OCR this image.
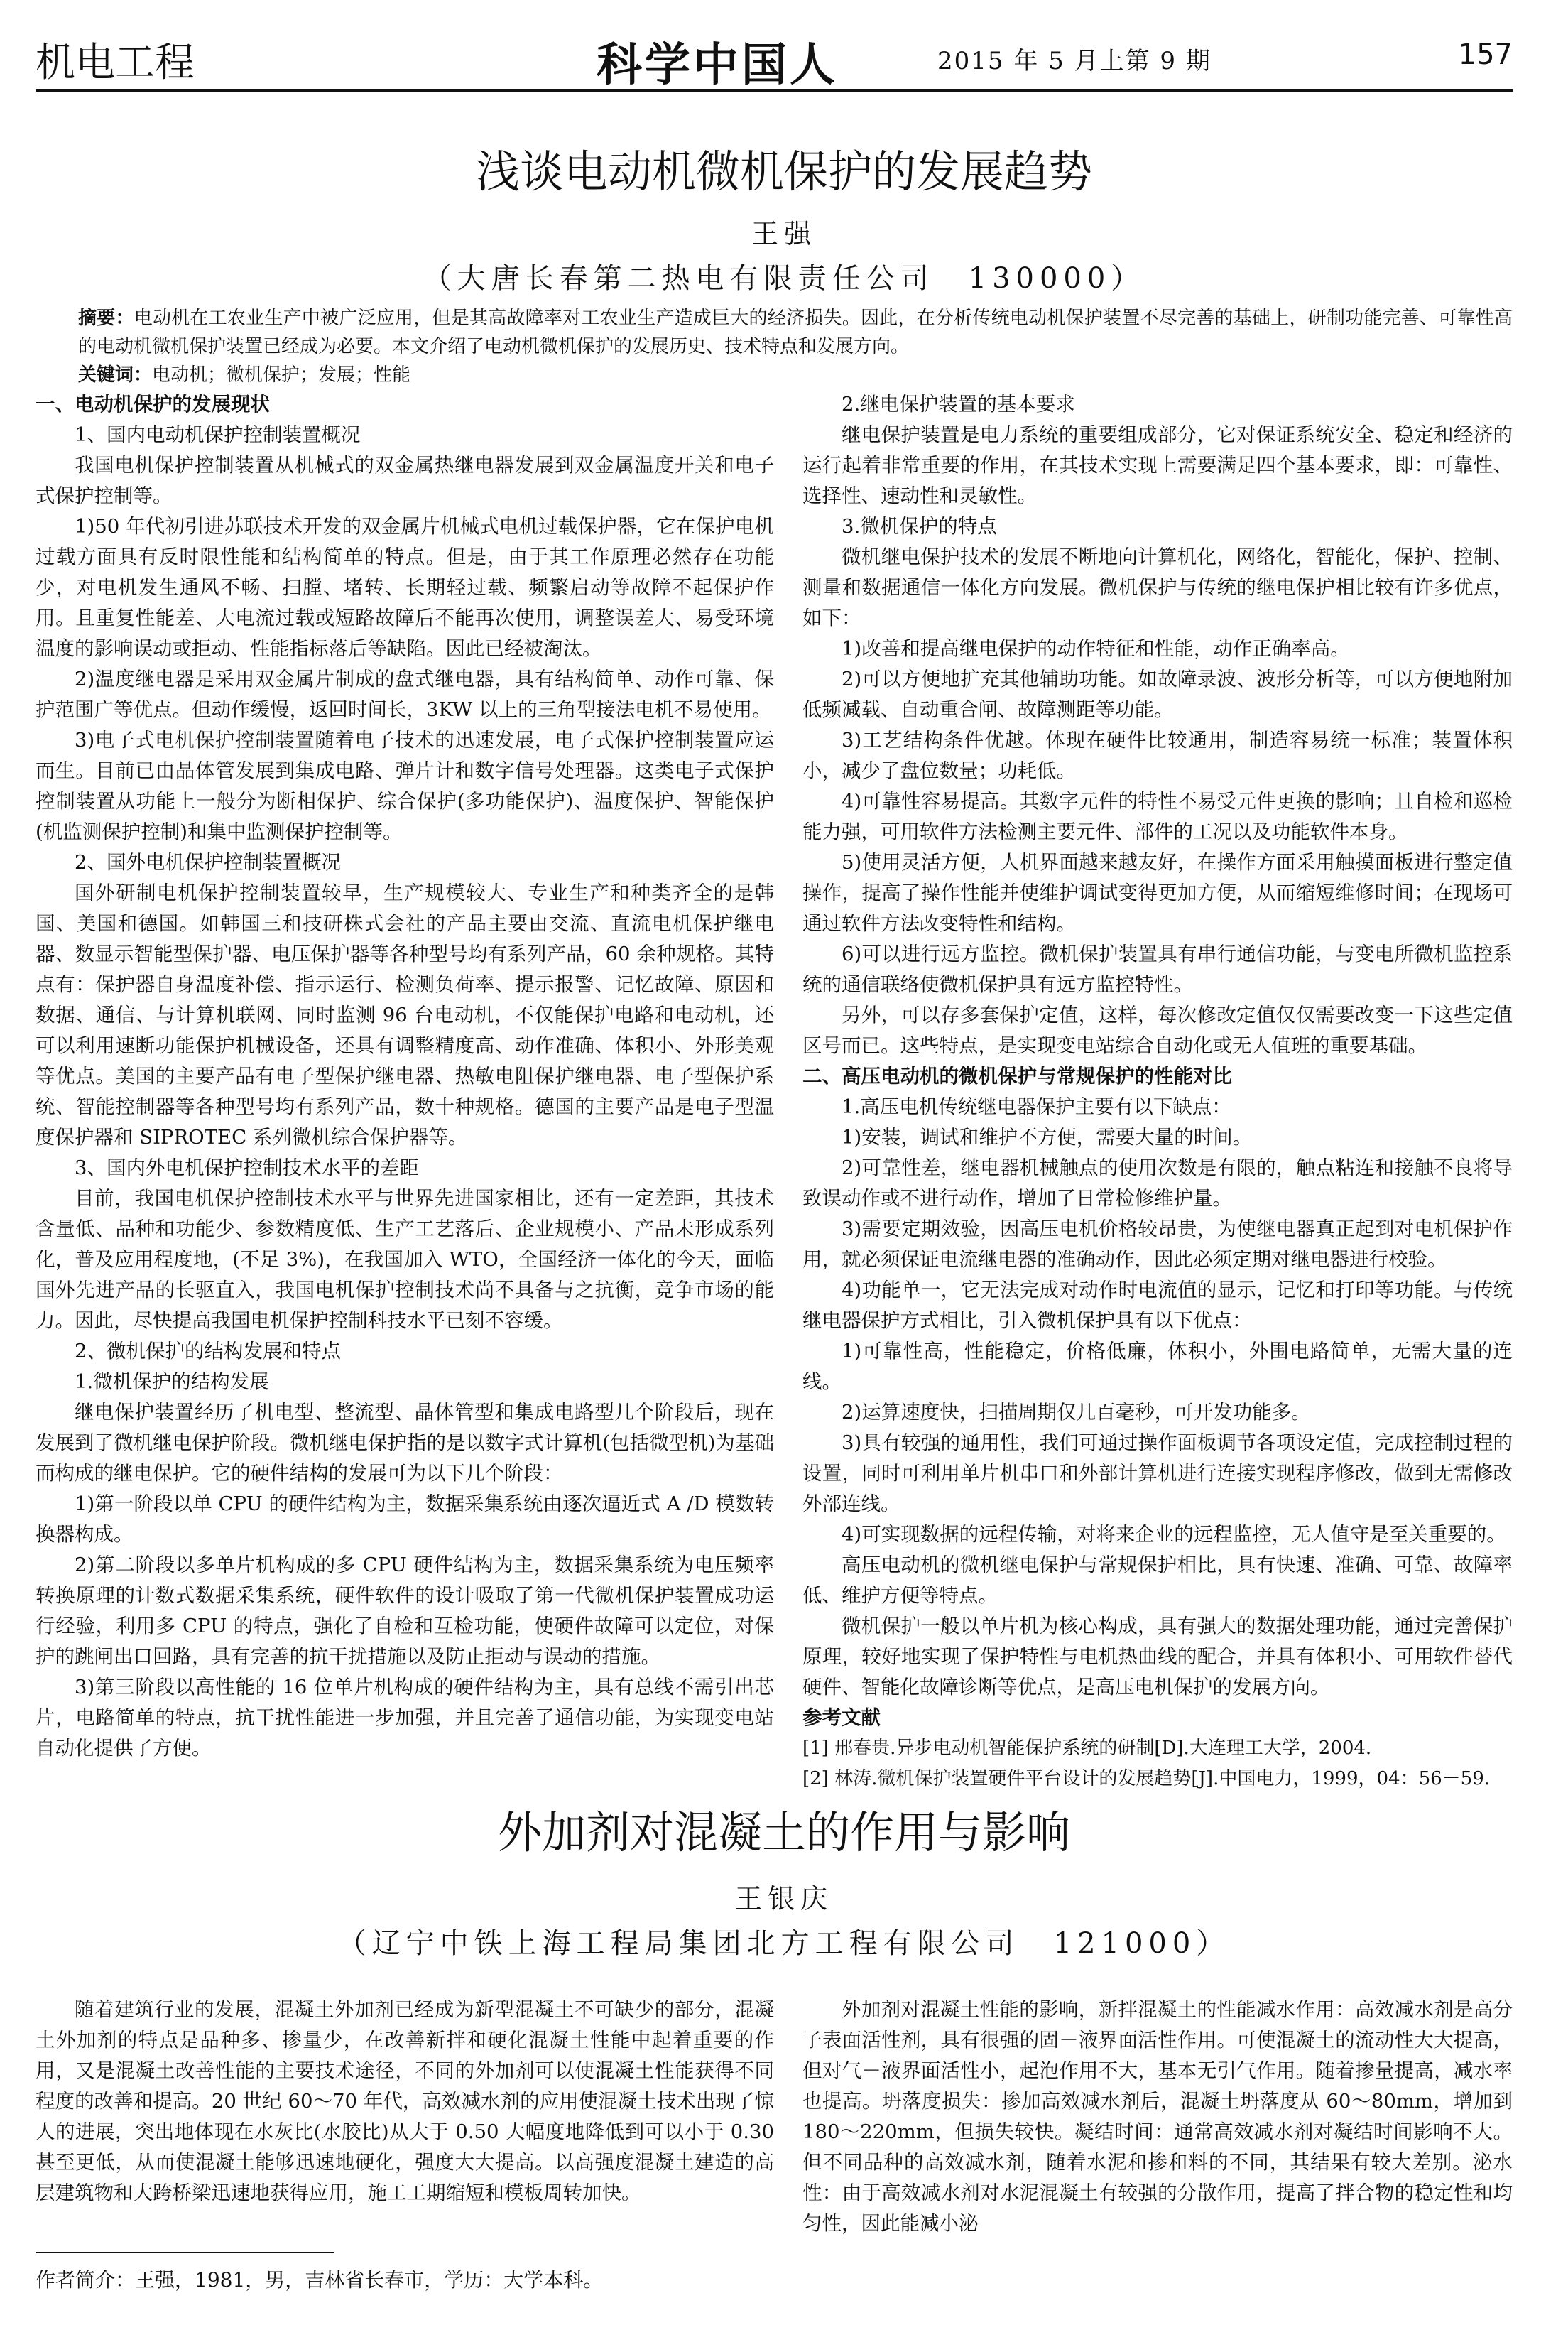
机电工程	科学中国人	2015 年 5 月上第 9 期	157
浅谈电动机微机保护的发展趋势
王强
（大唐长春第二热电有限责任公司　130000）
摘要：电动机在工农业生产中被广泛应用，但是其高故障率对工农业生产造成巨大的经济损失。因此，在分析传统电动机保护装置不尽完善的基础上，研制功能完善、可靠性高的电动机微机保护装置已经成为必要。本文介绍了电动机微机保护的发展历史、技术特点和发展方向。
关键词：电动机；微机保护；发展；性能

一、电动机保护的发展现状

1、国内电动机保护控制装置概况

我国电机保护控制装置从机械式的双金属热继电器发展到双金属温度开关和电子式保护控制等。

1)50 年代初引进苏联技术开发的双金属片机械式电机过载保护器，它在保护电机过载方面具有反时限性能和结构简单的特点。但是，由于其工作原理必然存在功能少，对电机发生通风不畅、扫膛、堵转、长期轻过载、频繁启动等故障不起保护作用。且重复性能差、大电流过载或短路故障后不能再次使用，调整误差大、易受环境温度的影响误动或拒动、性能指标落后等缺陷。因此已经被淘汰。

2)温度继电器是采用双金属片制成的盘式继电器，具有结构简单、动作可靠、保护范围广等优点。但动作缓慢，返回时间长，3KW 以上的三角型接法电机不易使用。

3)电子式电机保护控制装置随着电子技术的迅速发展，电子式保护控制装置应运而生。目前已由晶体管发展到集成电路、弹片计和数字信号处理器。这类电子式保护控制装置从功能上一般分为断相保护、综合保护(多功能保护)、温度保护、智能保护(机监测保护控制)和集中监测保护控制等。

2、国外电机保护控制装置概况

国外研制电机保护控制装置较早，生产规模较大、专业生产和种类齐全的是韩国、美国和德国。如韩国三和技研株式会社的产品主要由交流、直流电机保护继电器、数显示智能型保护器、电压保护器等各种型号均有系列产品，60 余种规格。其特点有：保护器自身温度补偿、指示运行、检测负荷率、提示报警、记忆故障、原因和数据、通信、与计算机联网、同时监测 96 台电动机，不仅能保护电路和电动机，还可以利用速断功能保护机械设备，还具有调整精度高、动作准确、体积小、外形美观等优点。美国的主要产品有电子型保护继电器、热敏电阻保护继电器、电子型保护系统、智能控制器等各种型号均有系列产品，数十种规格。德国的主要产品是电子型温度保护器和 SIPROTEC 系列微机综合保护器等。

3、国内外电机保护控制技术水平的差距

目前，我国电机保护控制技术水平与世界先进国家相比，还有一定差距，其技术含量低、品种和功能少、参数精度低、生产工艺落后、企业规模小、产品未形成系列化，普及应用程度地，(不足 3%)，在我国加入 WTO，全国经济一体化的今天，面临国外先进产品的长驱直入，我国电机保护控制技术尚不具备与之抗衡，竞争市场的能力。因此，尽快提高我国电机保护控制科技水平已刻不容缓。

2、微机保护的结构发展和特点

1.微机保护的结构发展

继电保护装置经历了机电型、整流型、晶体管型和集成电路型几个阶段后，现在发展到了微机继电保护阶段。微机继电保护指的是以数字式计算机(包括微型机)为基础而构成的继电保护。它的硬件结构的发展可为以下几个阶段：

1)第一阶段以单 CPU 的硬件结构为主，数据采集系统由逐次逼近式 A /D 模数转换器构成。

2)第二阶段以多单片机构成的多 CPU 硬件结构为主，数据采集系统为电压频率转换原理的计数式数据采集系统，硬件软件的设计吸取了第一代微机保护装置成功运行经验，利用多 CPU 的特点，强化了自检和互检功能，使硬件故障可以定位，对保护的跳闸出口回路，具有完善的抗干扰措施以及防止拒动与误动的措施。

3)第三阶段以高性能的 16 位单片机构成的硬件结构为主，具有总线不需引出芯片，电路简单的特点，抗干扰性能进一步加强，并且完善了通信功能，为实现变电站自动化提供了方便。

2.继电保护装置的基本要求

继电保护装置是电力系统的重要组成部分，它对保证系统安全、稳定和经济的运行起着非常重要的作用，在其技术实现上需要满足四个基本要求，即：可靠性、选择性、速动性和灵敏性。

3.微机保护的特点

微机继电保护技术的发展不断地向计算机化，网络化，智能化，保护、控制、测量和数据通信一体化方向发展。微机保护与传统的继电保护相比较有许多优点，如下：

1)改善和提高继电保护的动作特征和性能，动作正确率高。

2)可以方便地扩充其他辅助功能。如故障录波、波形分析等，可以方便地附加低频减载、自动重合闸、故障测距等功能。

3)工艺结构条件优越。体现在硬件比较通用，制造容易统一标准；装置体积小，减少了盘位数量；功耗低。

4)可靠性容易提高。其数字元件的特性不易受元件更换的影响；且自检和巡检能力强，可用软件方法检测主要元件、部件的工况以及功能软件本身。

5)使用灵活方便，人机界面越来越友好，在操作方面采用触摸面板进行整定值操作，提高了操作性能并使维护调试变得更加方便，从而缩短维修时间；在现场可通过软件方法改变特性和结构。

6)可以进行远方监控。微机保护装置具有串行通信功能，与变电所微机监控系统的通信联络使微机保护具有远方监控特性。

另外，可以存多套保护定值，这样，每次修改定值仅仅需要改变一下这些定值区号而已。这些特点，是实现变电站综合自动化或无人值班的重要基础。

二、高压电动机的微机保护与常规保护的性能对比

1.高压电机传统继电器保护主要有以下缺点：

1)安装，调试和维护不方便，需要大量的时间。

2)可靠性差，继电器机械触点的使用次数是有限的，触点粘连和接触不良将导致误动作或不进行动作，增加了日常检修维护量。

3)需要定期效验，因高压电机价格较昂贵，为使继电器真正起到对电机保护作用，就必须保证电流继电器的准确动作，因此必须定期对继电器进行校验。

4)功能单一，它无法完成对动作时电流值的显示，记忆和打印等功能。与传统继电器保护方式相比，引入微机保护具有以下优点：

1)可靠性高，性能稳定，价格低廉，体积小，外围电路简单，无需大量的连线。

2)运算速度快，扫描周期仅几百毫秒，可开发功能多。

3)具有较强的通用性，我们可通过操作面板调节各项设定值，完成控制过程的设置，同时可利用单片机串口和外部计算机进行连接实现程序修改，做到无需修改外部连线。

4)可实现数据的远程传输，对将来企业的远程监控，无人值守是至关重要的。

高压电动机的微机继电保护与常规保护相比，具有快速、准确、可靠、故障率低、维护方便等特点。

微机保护一般以单片机为核心构成，具有强大的数据处理功能，通过完善保护原理，较好地实现了保护特性与电机热曲线的配合，并具有体积小、可用软件替代硬件、智能化故障诊断等优点，是高压电机保护的发展方向。

参考文献

[1] 邢春贵.异步电动机智能保护系统的研制[D].大连理工大学，2004.

[2] 林涛.微机保护装置硬件平台设计的发展趋势[J].中国电力，1999，04：56－59.

外加剂对混凝土的作用与影响
王银庆
（辽宁中铁上海工程局集团北方工程有限公司　121000）

随着建筑行业的发展，混凝土外加剂已经成为新型混凝土不可缺少的部分，混凝土外加剂的特点是品种多、掺量少，在改善新拌和硬化混凝土性能中起着重要的作用，又是混凝土改善性能的主要技术途径，不同的外加剂可以使混凝土性能获得不同程度的改善和提高。20 世纪 60～70 年代，高效减水剂的应用使混凝土技术出现了惊人的进展，突出地体现在水灰比(水胶比)从大于 0.50 大幅度地降低到可以小于 0.30 甚至更低，从而使混凝土能够迅速地硬化，强度大大提高。以高强度混凝土建造的高层建筑物和大跨桥梁迅速地获得应用，施工工期缩短和模板周转加快。

外加剂对混凝土性能的影响，新拌混凝土的性能减水作用：高效减水剂是高分子表面活性剂，具有很强的固－液界面活性作用。可使混凝土的流动性大大提高，但对气－液界面活性小，起泡作用不大，基本无引气作用。随着掺量提高，减水率也提高。坍落度损失：掺加高效减水剂后，混凝土坍落度从 60～80mm，增加到 180～220mm，但损失较快。凝结时间：通常高效减水剂对凝结时间影响不大。但不同品种的高效减水剂，随着水泥和掺和料的不同，其结果有较大差别。泌水性：由于高效减水剂对水泥混凝土有较强的分散作用，提高了拌合物的稳定性和均匀性，因此能减小泌

作者简介：王强，1981，男，吉林省长春市，学历：大学本科。
